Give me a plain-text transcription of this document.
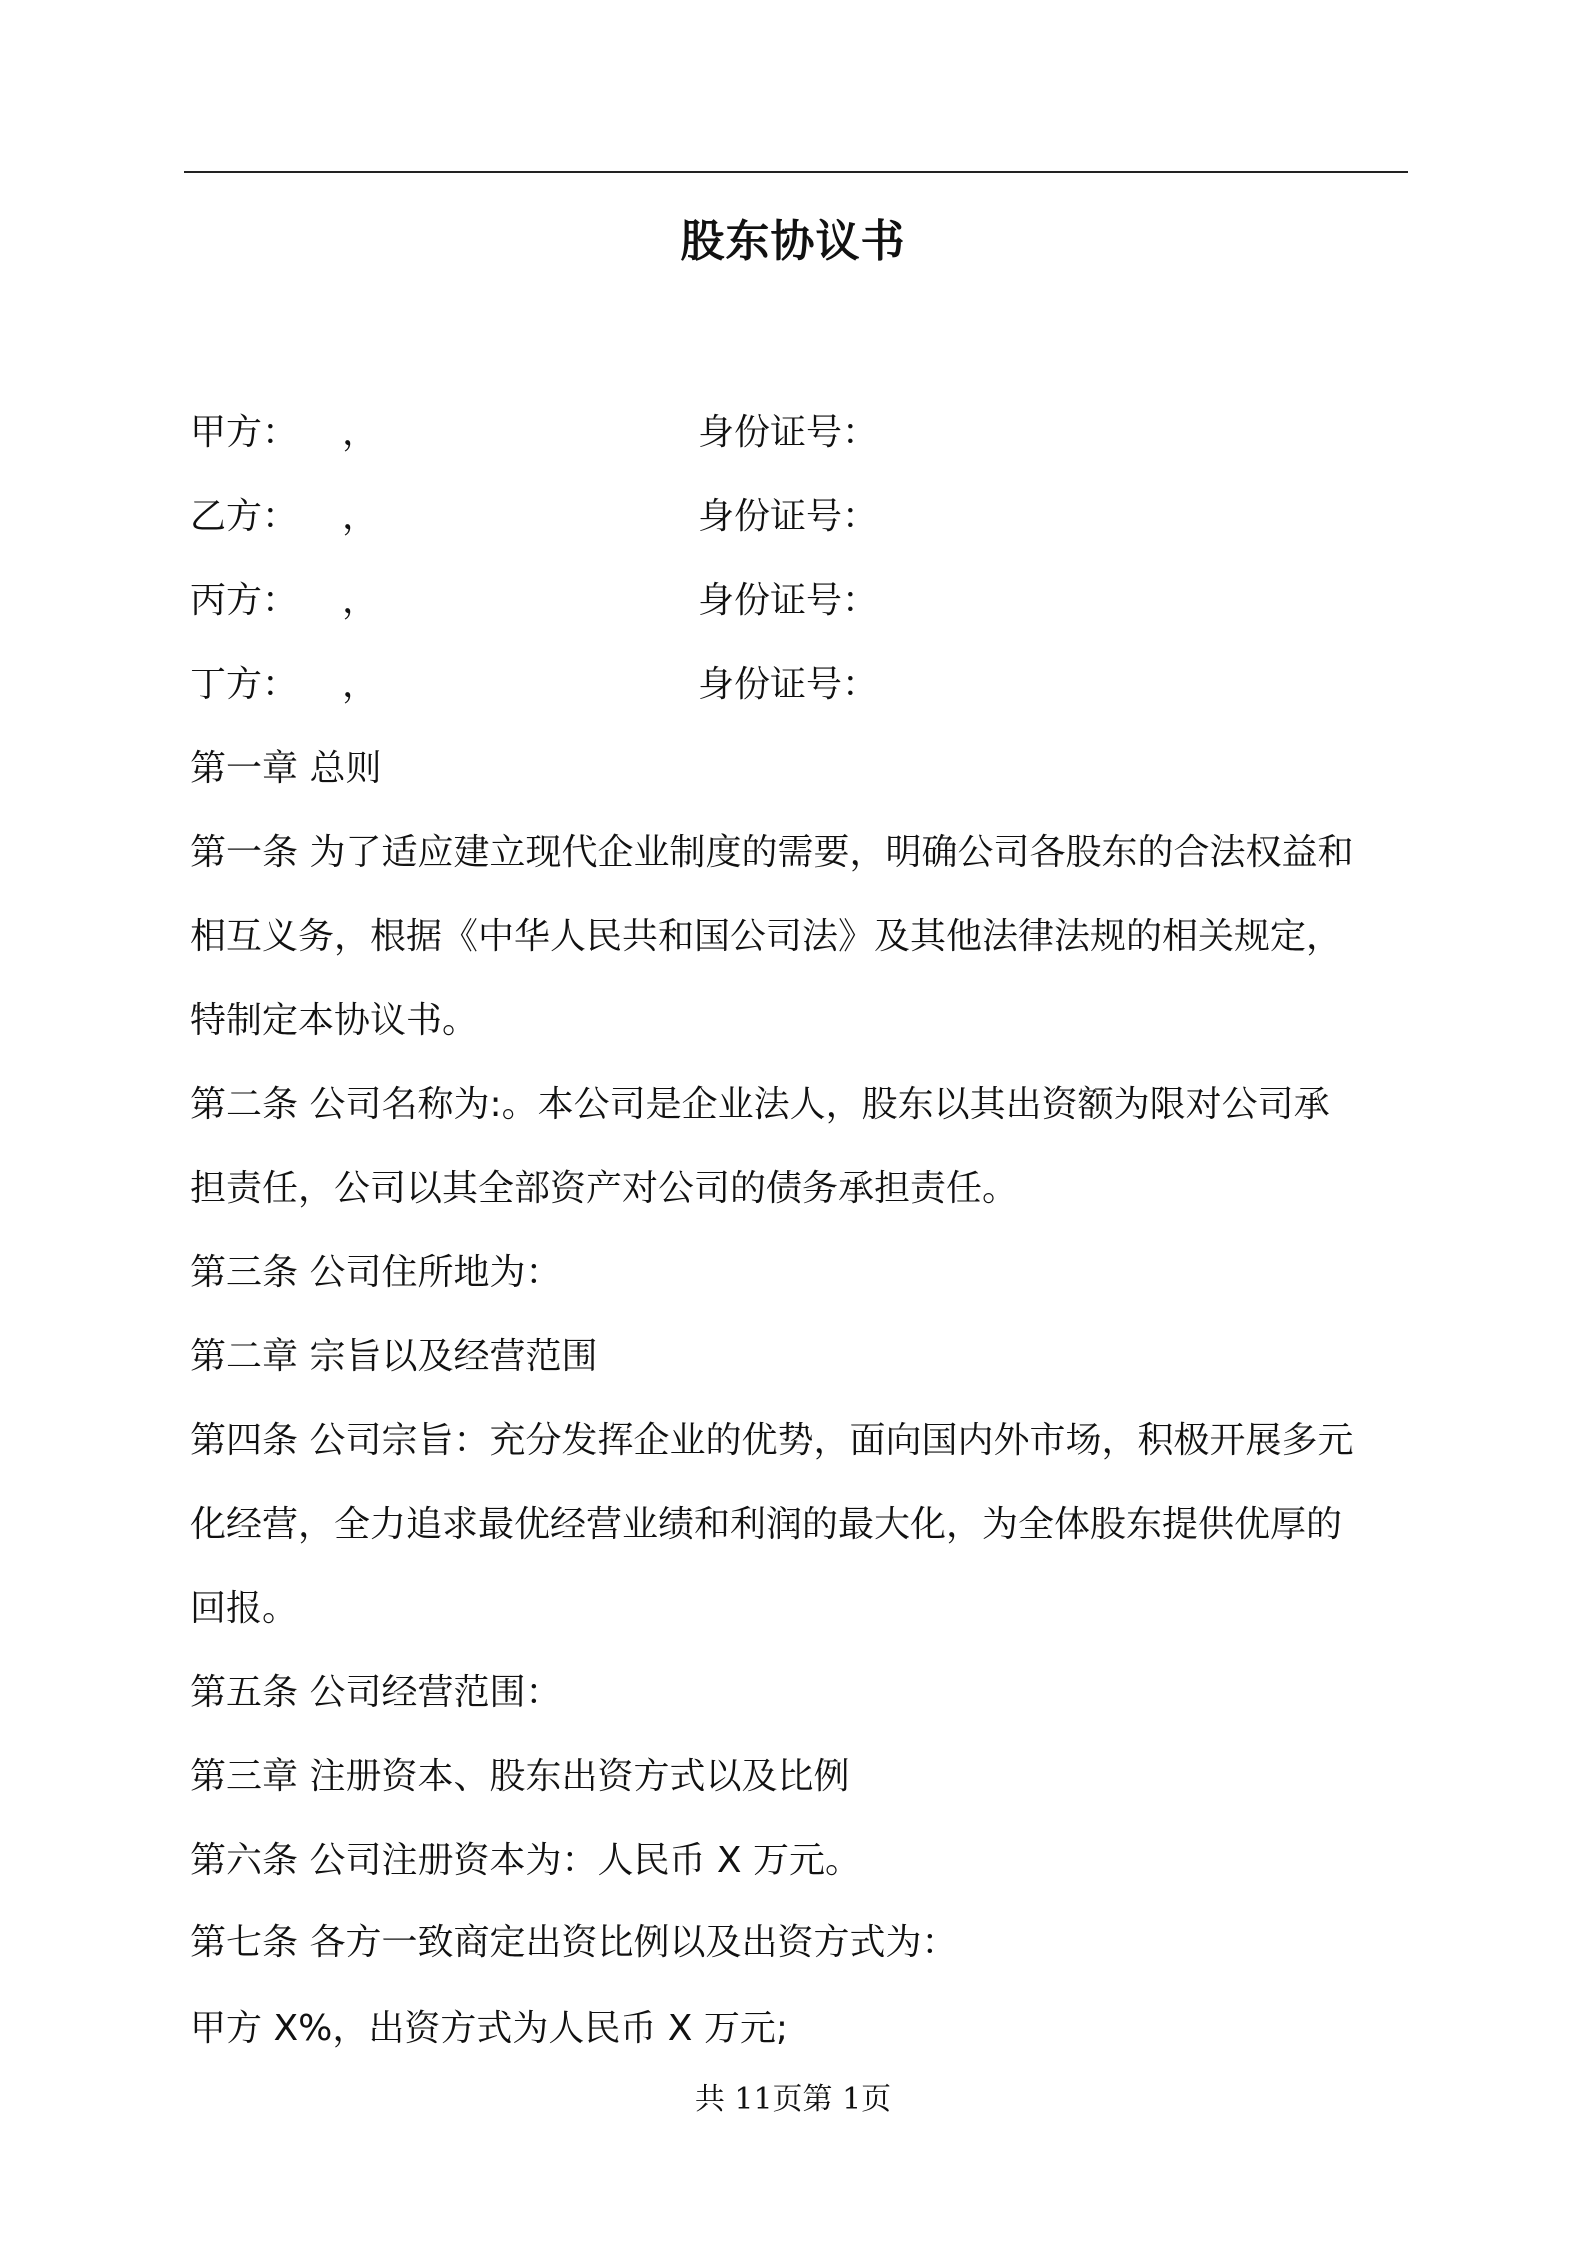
股东协议书
甲方： ，	身份证号：
乙方： ，	身份证号：
丙方： ，	身份证号：
丁方： ，	身份证号：
第一章 总则
第一条 为了适应建立现代企业制度的需要，明确公司各股东的合法权益和
相互义务，根据《中华人民共和国公司法》及其他法律法规的相关规定，
特制定本协议书。
第二条 公司名称为:。本公司是企业法人，股东以其出资额为限对公司承
担责任，公司以其全部资产对公司的债务承担责任。
第三条 公司住所地为：
第二章 宗旨以及经营范围
第四条 公司宗旨：充分发挥企业的优势，面向国内外市场，积极开展多元
化经营，全力追求最优经营业绩和利润的最大化，为全体股东提供优厚的
回报。
第五条 公司经营范围：
第三章 注册资本、股东出资方式以及比例
第六条 公司注册资本为：人民币 X 万元。
第七条 各方一致商定出资比例以及出资方式为：
甲方 X%，出资方式为人民币 X 万元;
共 11页第 1页
